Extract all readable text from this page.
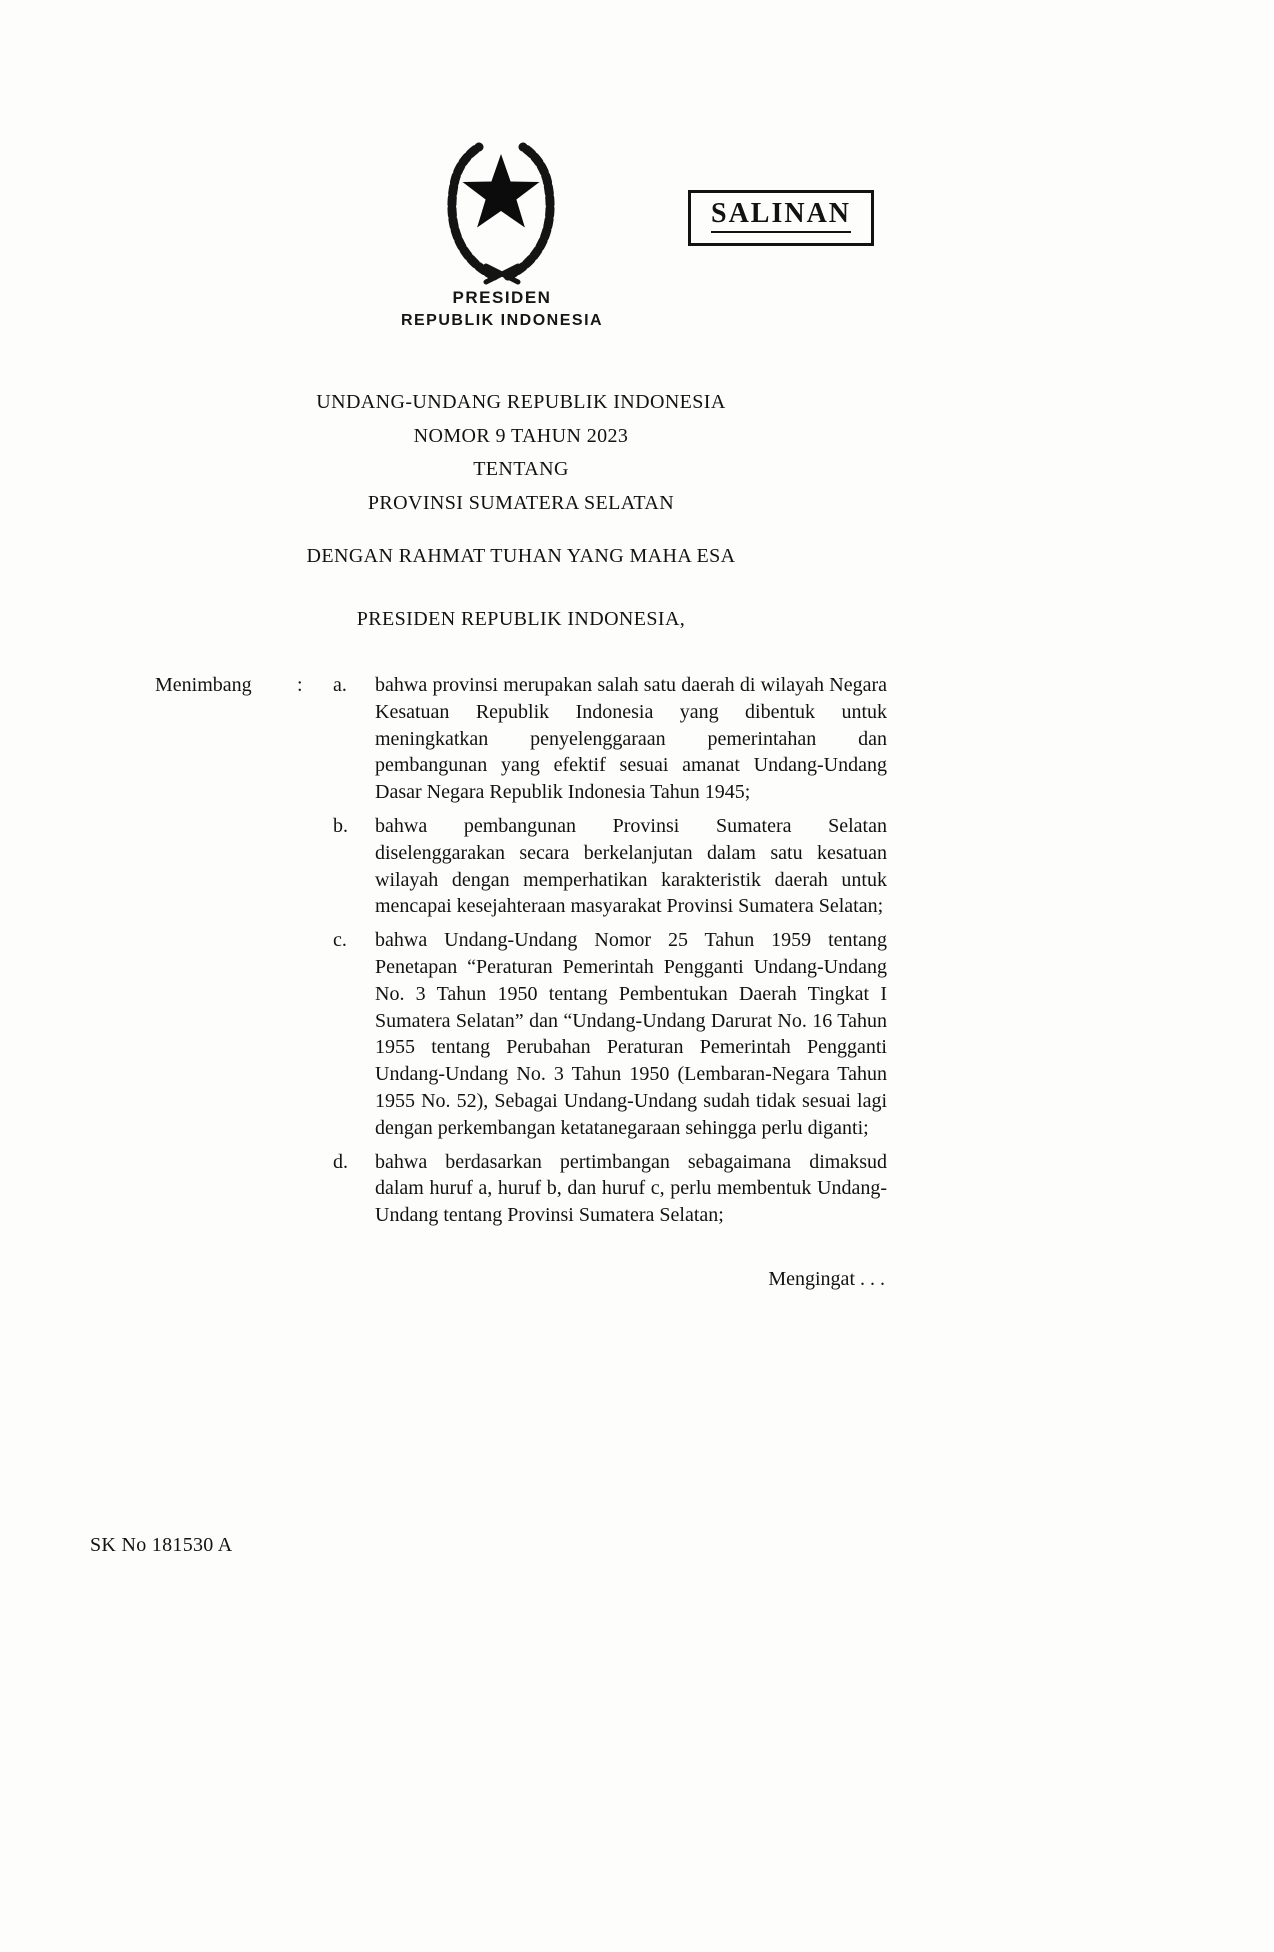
PRESIDEN
REPUBLIK INDONESIA
SALINAN
UNDANG-UNDANG REPUBLIK INDONESIA
NOMOR 9 TAHUN 2023
TENTANG
PROVINSI SUMATERA SELATAN
DENGAN RAHMAT TUHAN YANG MAHA ESA
PRESIDEN REPUBLIK INDONESIA,
Menimbang	:	a.	bahwa provinsi merupakan salah satu daerah di wilayah Negara Kesatuan Republik Indonesia yang dibentuk untuk meningkatkan penyelenggaraan pemerintahan dan pembangunan yang efektif sesuai amanat Undang-Undang Dasar Negara Republik Indonesia Tahun 1945;
b.	bahwa pembangunan Provinsi Sumatera Selatan diselenggarakan secara berkelanjutan dalam satu kesatuan wilayah dengan memperhatikan karakteristik daerah untuk mencapai kesejahteraan masyarakat Provinsi Sumatera Selatan;
c.	bahwa Undang-Undang Nomor 25 Tahun 1959 tentang Penetapan “Peraturan Pemerintah Pengganti Undang-Undang No. 3 Tahun 1950 tentang Pembentukan Daerah Tingkat I Sumatera Selatan” dan “Undang-Undang Darurat No. 16 Tahun 1955 tentang Perubahan Peraturan Pemerintah Pengganti Undang-Undang No. 3 Tahun 1950 (Lembaran-Negara Tahun 1955 No. 52), Sebagai Undang-Undang sudah tidak sesuai lagi dengan perkembangan ketatanegaraan sehingga perlu diganti;
d.	bahwa berdasarkan pertimbangan sebagaimana dimaksud dalam huruf a, huruf b, dan huruf c, perlu membentuk Undang-Undang tentang Provinsi Sumatera Selatan;
Mengingat . . .
SK No 181530 A
